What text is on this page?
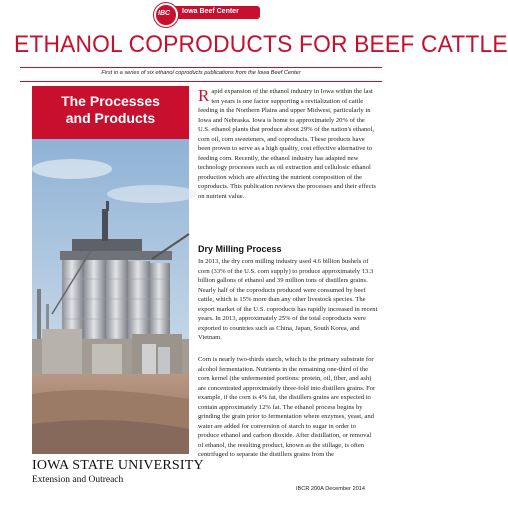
Iowa Beef Center
IBC
ETHANOL COPRODUCTS FOR BEEF CATTLE
First in a series of six ethanol coproducts publications from the Iowa Beef Center
The Processes
and Products

Rapid expansion of the ethanol industry in Iowa within the last ten years is one factor supporting a revitalization of cattle feeding in the Northern Plains and upper Midwest, particularly in Iowa and Nebraska. Iowa is home to approximately 20% of the U.S. ethanol plants that produce about 29% of the nation's ethanol, corn oil, corn sweeteners, and coproducts. These products have been proven to serve as a high quality, cost effective alternative to feeding corn. Recently, the ethanol industry has adapted new technology processes such as oil extraction and cellulosic ethanol production which are affecting the nutrient composition of the coproducts. This publication reviews the processes and their effects on nutrient value.

Dry Milling Process

In 2013, the dry corn milling industry used 4.6 billion bushels of corn (33% of the U.S. corn supply) to produce approximately 13.3 billion gallons of ethanol and 39 million tons of distillers grains. Nearly half of the coproducts produced were consumed by beef cattle, which is 15% more than any other livestock species. The export market of the U.S. coproducts has rapidly increased in recent years. In 2013, approximately 25% of the total coproducts were exported to countries such as China, Japan, South Korea, and Vietnam.

Corn is nearly two-thirds starch, which is the primary substrate for alcohol fermentation. Nutrients in the remaining one-third of the corn kernel (the unfermented portions: protein, oil, fiber, and ash) are concentrated approximately three-fold into distillers grains. For example, if the corn is 4% fat, the distillers grains are expected to contain approximately 12% fat. The ethanol process begins by grinding the grain prior to fermentation where enzymes, yeast, and water are added for conversion of starch to sugar in order to produce ethanol and carbon dioxide. After distillation, or removal of ethanol, the resulting product, known as the stillage, is often centrifuged to separate the distillers grains from the

IOWA STATE UNIVERSITY
Extension and Outreach
IBCR 200A December 2014
